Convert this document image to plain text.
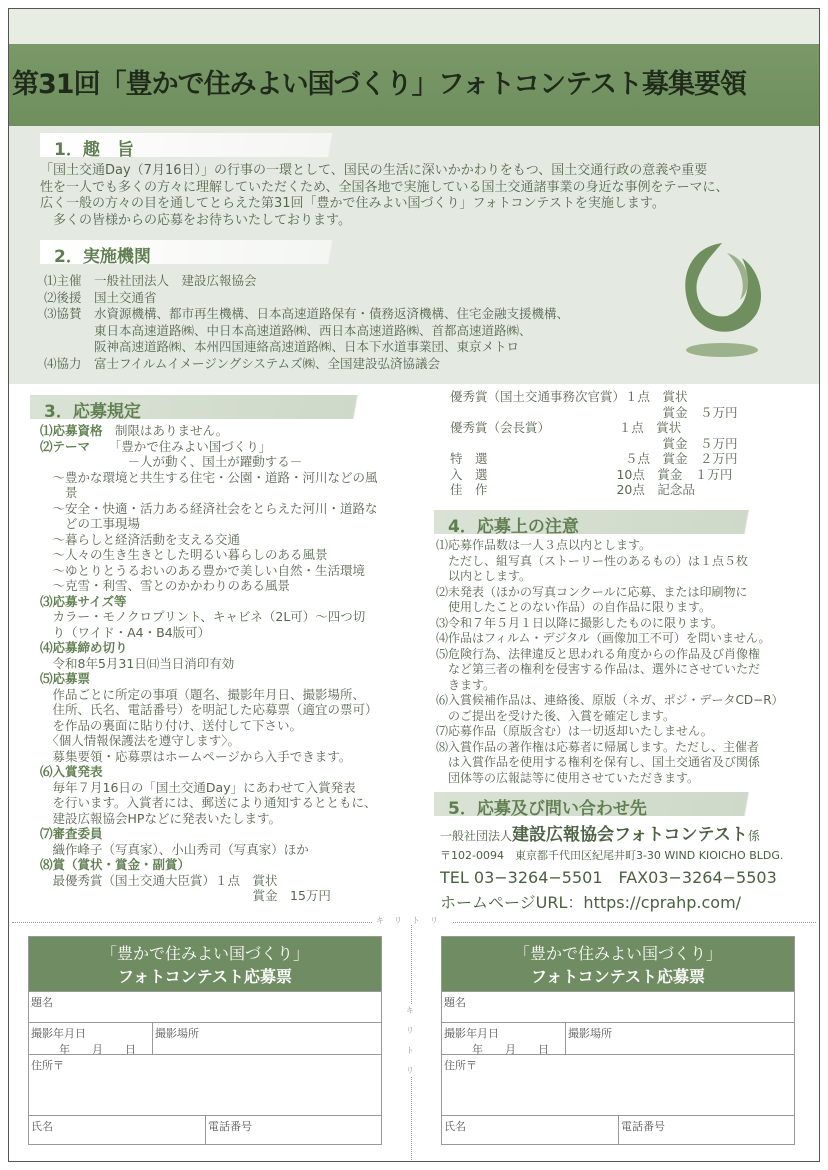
第31回「豊かで住みよい国づくり」フォトコンテスト募集要領
1．趣　旨
「国土交通Day（7月16日）」の行事の一環として、国民の生活に深いかかわりをもつ、国土交通行政の意義や重要
性を一人でも多くの方々に理解していただくため、全国各地で実施している国土交通諸事業の身近な事例をテーマに、
広く一般の方々の目を通してとらえた第31回「豊かで住みよい国づくり」フォトコンテストを実施します。
　多くの皆様からの応募をお待ちいたしております。
2．実施機関
⑴主催　一般社団法人　建設広報協会
⑵後援　国土交通省
⑶協賛　水資源機構、都市再生機構、日本高速道路保有・債務返済機構、住宅金融支援機構、
　　　　東日本高速道路㈱、中日本高速道路㈱、西日本高速道路㈱、首都高速道路㈱、
　　　　阪神高速道路㈱、本州四国連絡高速道路㈱、日本下水道事業団、東京メトロ
⑷協力　富士フイルムイメージングシステムズ㈱、全国建設弘済協議会
3．応募規定
⑴応募資格　制限はありません。
⑵テーマ　　「豊かで住みよい国づくり」
　　　　　　　－人が動く、国土が躍動する－
　～豊かな環境と共生する住宅・公園・道路・河川などの風
　　景
　～安全・快適・活力ある経済社会をとらえた河川・道路な
　　どの工事現場
　～暮らしと経済活動を支える交通
　～人々の生き生きとした明るい暮らしのある風景
　～ゆとりとうるおいのある豊かで美しい自然・生活環境
　～克雪・利雪、雪とのかかわりのある風景
⑶応募サイズ等
　カラー・モノクロプリント、キャビネ（2L可）～四つ切
　り（ワイド・A4・B4版可）
⑷応募締め切り
　令和8年5月31日㈰当日消印有効
⑸応募票
　作品ごとに所定の事項（題名、撮影年月日、撮影場所、
　住所、氏名、電話番号）を明記した応募票（適宜の票可）
　を作品の裏面に貼り付け、送付して下さい。
　〈個人情報保護法を遵守します〉。
　募集要領・応募票はホームページから入手できます。
⑹入賞発表
　毎年７月16日の「国土交通Day」にあわせて入賞発表
　を行います。入賞者には、郵送により通知するとともに、
　建設広報協会HPなどに発表いたします。
⑺審査委員
　織作峰子（写真家）、小山秀司（写真家）ほか
⑻賞（賞状・賞金・副賞）
　最優秀賞（国土交通大臣賞）１点　賞状
　　　　　　　　　　　　　　　　　賞金　15万円
優秀賞（国土交通事務次官賞）１点　賞状
　　　　　　　　　　　　　　　　　賞金　５万円
優秀賞（会長賞）　　　　　　１点　賞状
　　　　　　　　　　　　　　　　　賞金　５万円
特　選　　　　　　　　　　　５点　賞金　２万円
入　選　　　　　　　　　　 10点　賞金　１万円
佳　作　　　　　　　　　　 20点　記念品
4．応募上の注意
⑴応募作品数は一人３点以内とします。
　ただし、組写真（ストーリー性のあるもの）は１点５枚
　以内とします。
⑵未発表（ほかの写真コンクールに応募、または印刷物に
　使用したことのない作品）の自作品に限ります。
⑶令和７年５月１日以降に撮影したものに限ります。
⑷作品はフィルム・デジタル（画像加工不可）を問いません。
⑸危険行為、法律違反と思われる角度からの作品及び肖像権
　など第三者の権利を侵害する作品は、選外にさせていただ
　きます。
⑹入賞候補作品は、連絡後、原版（ネガ、ポジ・データCD−R）
　のご提出を受けた後、入賞を確定します。
⑺応募作品（原版含む）は一切返却いたしません。
⑻入賞作品の著作権は応募者に帰属します。ただし、主催者
　は入賞作品を使用する権利を保有し、国土交通省及び関係
　団体等の広報誌等に使用させていただきます。
5．応募及び問い合わせ先
一般社団法人建設広報協会フォトコンテスト係
〒102-0094　東京都千代田区紀尾井町3-30 WIND KIOICHO BLDG.
TEL 03−3264−5501　FAX03−3264−5503
ホームページURL：https://cprahp.com/
キリトリ
キ

リ

ト

リ
「豊かで住みよい国づくり」
フォトコンテスト応募票
題名
撮影年月日
年　　月　　日
撮影場所
住所〒
氏名	電話番号
「豊かで住みよい国づくり」
フォトコンテスト応募票
題名
撮影年月日
年　　月　　日
撮影場所
住所〒
氏名	電話番号
